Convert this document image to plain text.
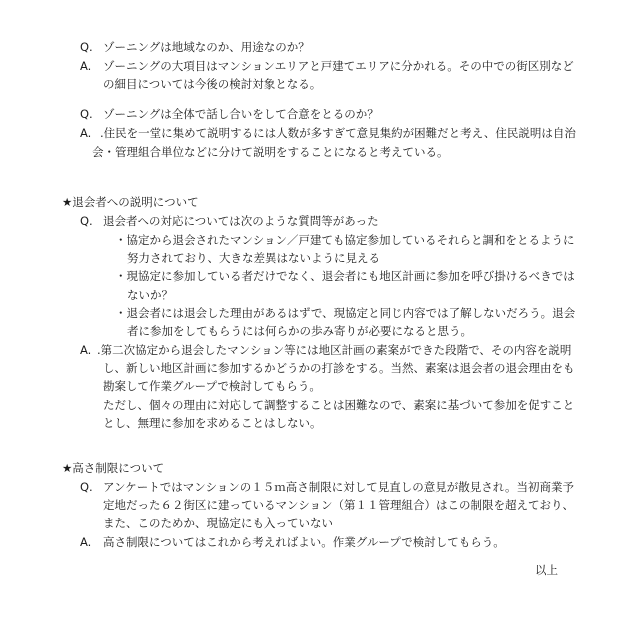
Q. ゾーニングは地域なのか、用途なのか？
A. ゾーニングの大項目はマンションエリアと戸建てエリアに分かれる。その中での街区別など
の細目については今後の検討対象となる。
Q. ゾーニングは全体で話し合いをして合意をとるのか？
A. .住民を一堂に集めて説明するには人数が多すぎて意見集約が困難だと考え、住民説明は自治
会・管理組合単位などに分けて説明をすることになると考えている。
★退会者への説明について
Q. 退会者への対応については次のような質問等があった
・協定から退会されたマンション／戸建ても協定参加しているそれらと調和をとるように
努力されており、大きな差異はないように見える
・現協定に参加している者だけでなく、退会者にも地区計画に参加を呼び掛けるべきでは
ないか？
・退会者には退会した理由があるはずで、現協定と同じ内容では了解しないだろう。退会
者に参加をしてもらうには何らかの歩み寄りが必要になると思う。
A. .第二次協定から退会したマンション等には地区計画の素案ができた段階で、その内容を説明
し、新しい地区計画に参加するかどうかの打診をする。当然、素案は退会者の退会理由をも
勘案して作業グループで検討してもらう。
ただし、個々の理由に対応して調整することは困難なので、素案に基づいて参加を促すこと
とし、無理に参加を求めることはしない。
★高さ制限について
Q. アンケートではマンションの１５ｍ高さ制限に対して見直しの意見が散見され。当初商業予
定地だった６２街区に建っているマンション（第１１管理組合）はこの制限を超えており、
また、このためか、現協定にも入っていない
A. 高さ制限についてはこれから考えればよい。作業グループで検討してもらう。
以上
